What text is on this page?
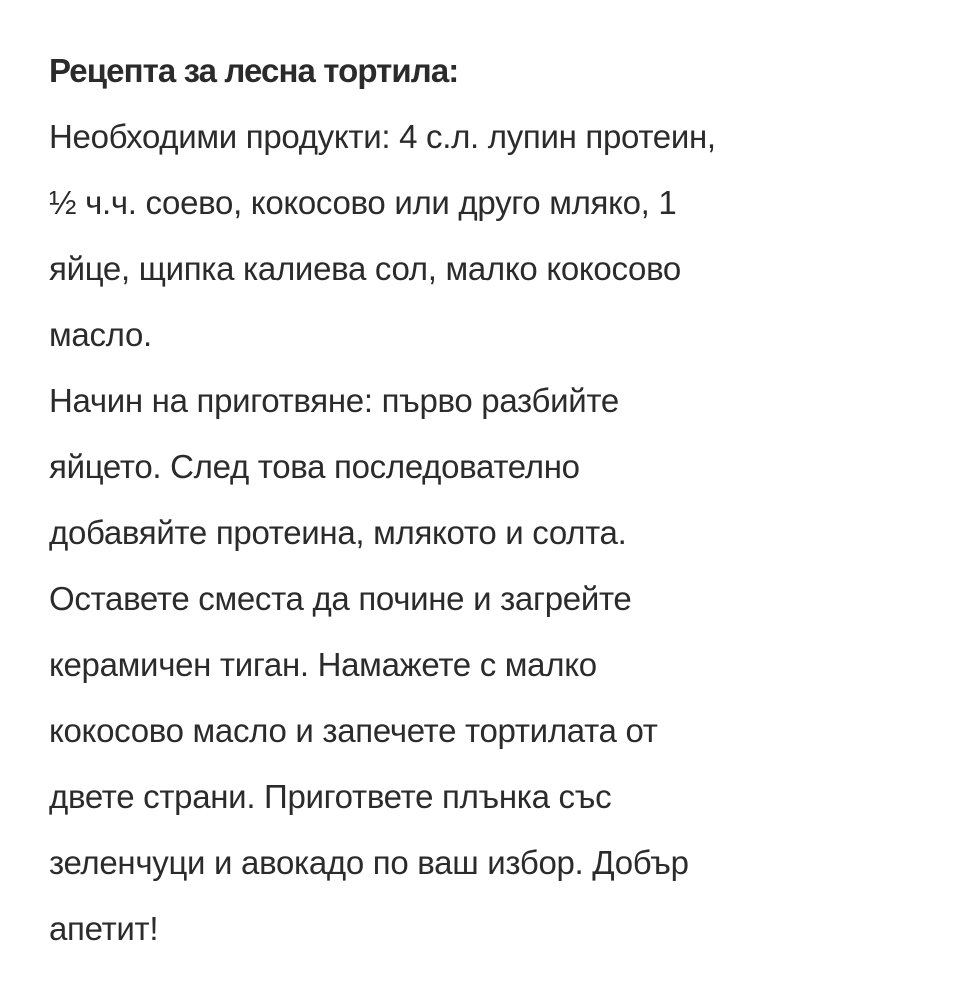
Рецепта за лесна тортила:
Необходими продукти: 4 с.л. лупин протеин,
½ ч.ч. соево, кокосово или друго мляко, 1
яйце, щипка калиева сол, малко кокосово
масло.
Начин на приготвяне: първо разбийте
яйцето. След това последователно
добавяйте протеина, млякото и солта.
Оставете сместа да почине и загрейте
керамичен тиган. Намажете с малко
кокосово масло и запечете тортилата от
двете страни. Пригответе плънка със
зеленчуци и авокадо по ваш избор. Добър
апетит!
